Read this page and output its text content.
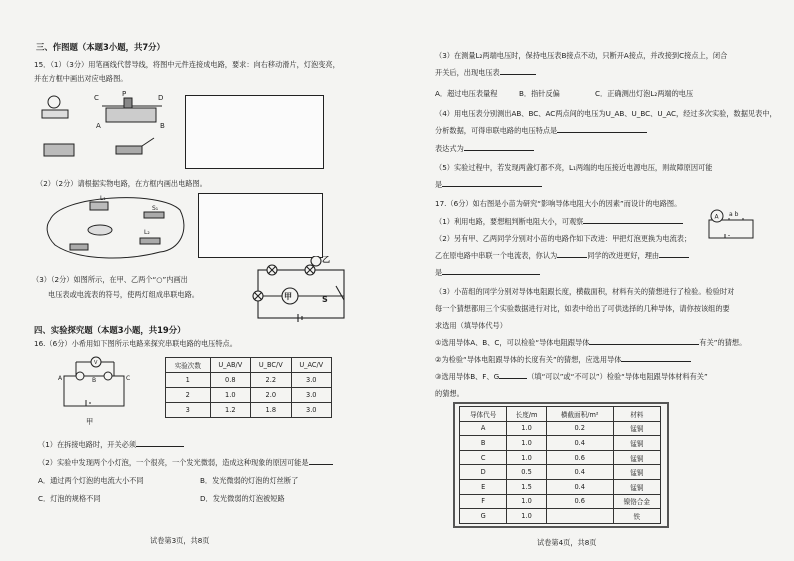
三、作图题（本题3小题，共7分）
15．（1）（3分）用笔画线代替导线，将图中元件连接成电路，要求：向右移动滑片，灯泡变亮，
并在方框中画出对应电路图。
C	P	D
A	B
（2）（2分）请根据实物电路，在方框内画出电路图。
L₁
S₁
L₂
（3）（2分）如图所示，在甲、乙两个“○”内画出
电压表或电流表的符号，使两灯组成串联电路。	甲
乙
S
四、实验探究题（本题3小题，共19分）
16.（6分）小希用如下图所示电路来探究串联电路的电压特点。
V
A	B	C
甲
实验次数	U_AB/V	U_BC/V	U_AC/V
1	0.8	2.2	3.0
2	1.0	2.0	3.0
3	1.2	1.8	3.0
（1）在拆接电路时，开关必须
（2）实验中发现两个小灯泡，一个很亮，一个发光微弱，造成这种现象的原因可能是
A．通过两个灯泡的电流大小不同	B．发光微弱的灯泡的灯丝断了
C．灯泡的规格不同	D．发光微弱的灯泡被短路
试卷第3页，共8页
（3）在测量L₂两端电压时，保持电压表B接点不动，只断开A接点，并改接到C接点上，闭合
开关后，出现电压表
A．超过电压表量程	B．指针反偏	C．正确测出灯泡L₂两端的电压
（4）用电压表分别测出AB、BC、AC两点间的电压为U_AB、U_BC、U_AC，经过多次实验，数据见表中，
分析数据，可得串联电路的电压特点是
表达式为
（5）实验过程中，若发现两盏灯都不亮，L₁两端的电压接近电源电压，则故障原因可能
是
17.（6分）如右图是小苗为研究“影响导体电阻大小的因素”而设计的电路图。
A a b
（1）利用电路，要想粗判断电阻大小，可观察
（2）另有甲、乙两同学分别对小苗的电路作如下改进：甲把灯泡更换为电流表；
乙在原电路中串联一个电流表，你认为	同学的改进更好，理由
是
（3）小苗组的同学分别对导体电阻跟长度，横截面积，材料有关的猜想进行了检验。检验时对
每一个猜想都用三个实验数据进行对比，如表中给出了可供选择的几种导体，请你按该组的要
求选用（填导体代号）
①选用导体A、B、C，可以检验“导体电阻跟导体	有关”的猜想。
②为检验“导体电阻跟导体的长度有关”的猜想，应选用导体
③选用导体B、F、G	（填“可以”或“不可以”）检验“导体电阻跟导体材料有关”
的猜想。
导体代号	长度/m	横截面积/m²	材料
A	1.0	0.2	锰铜
B	1.0	0.4	锰铜
C	1.0	0.6	锰铜
D	0.5	0.4	锰铜
E	1.5	0.4	锰铜
F	1.0	0.6	镍铬合金
G	1.0		铁
试卷第4页，共8页
